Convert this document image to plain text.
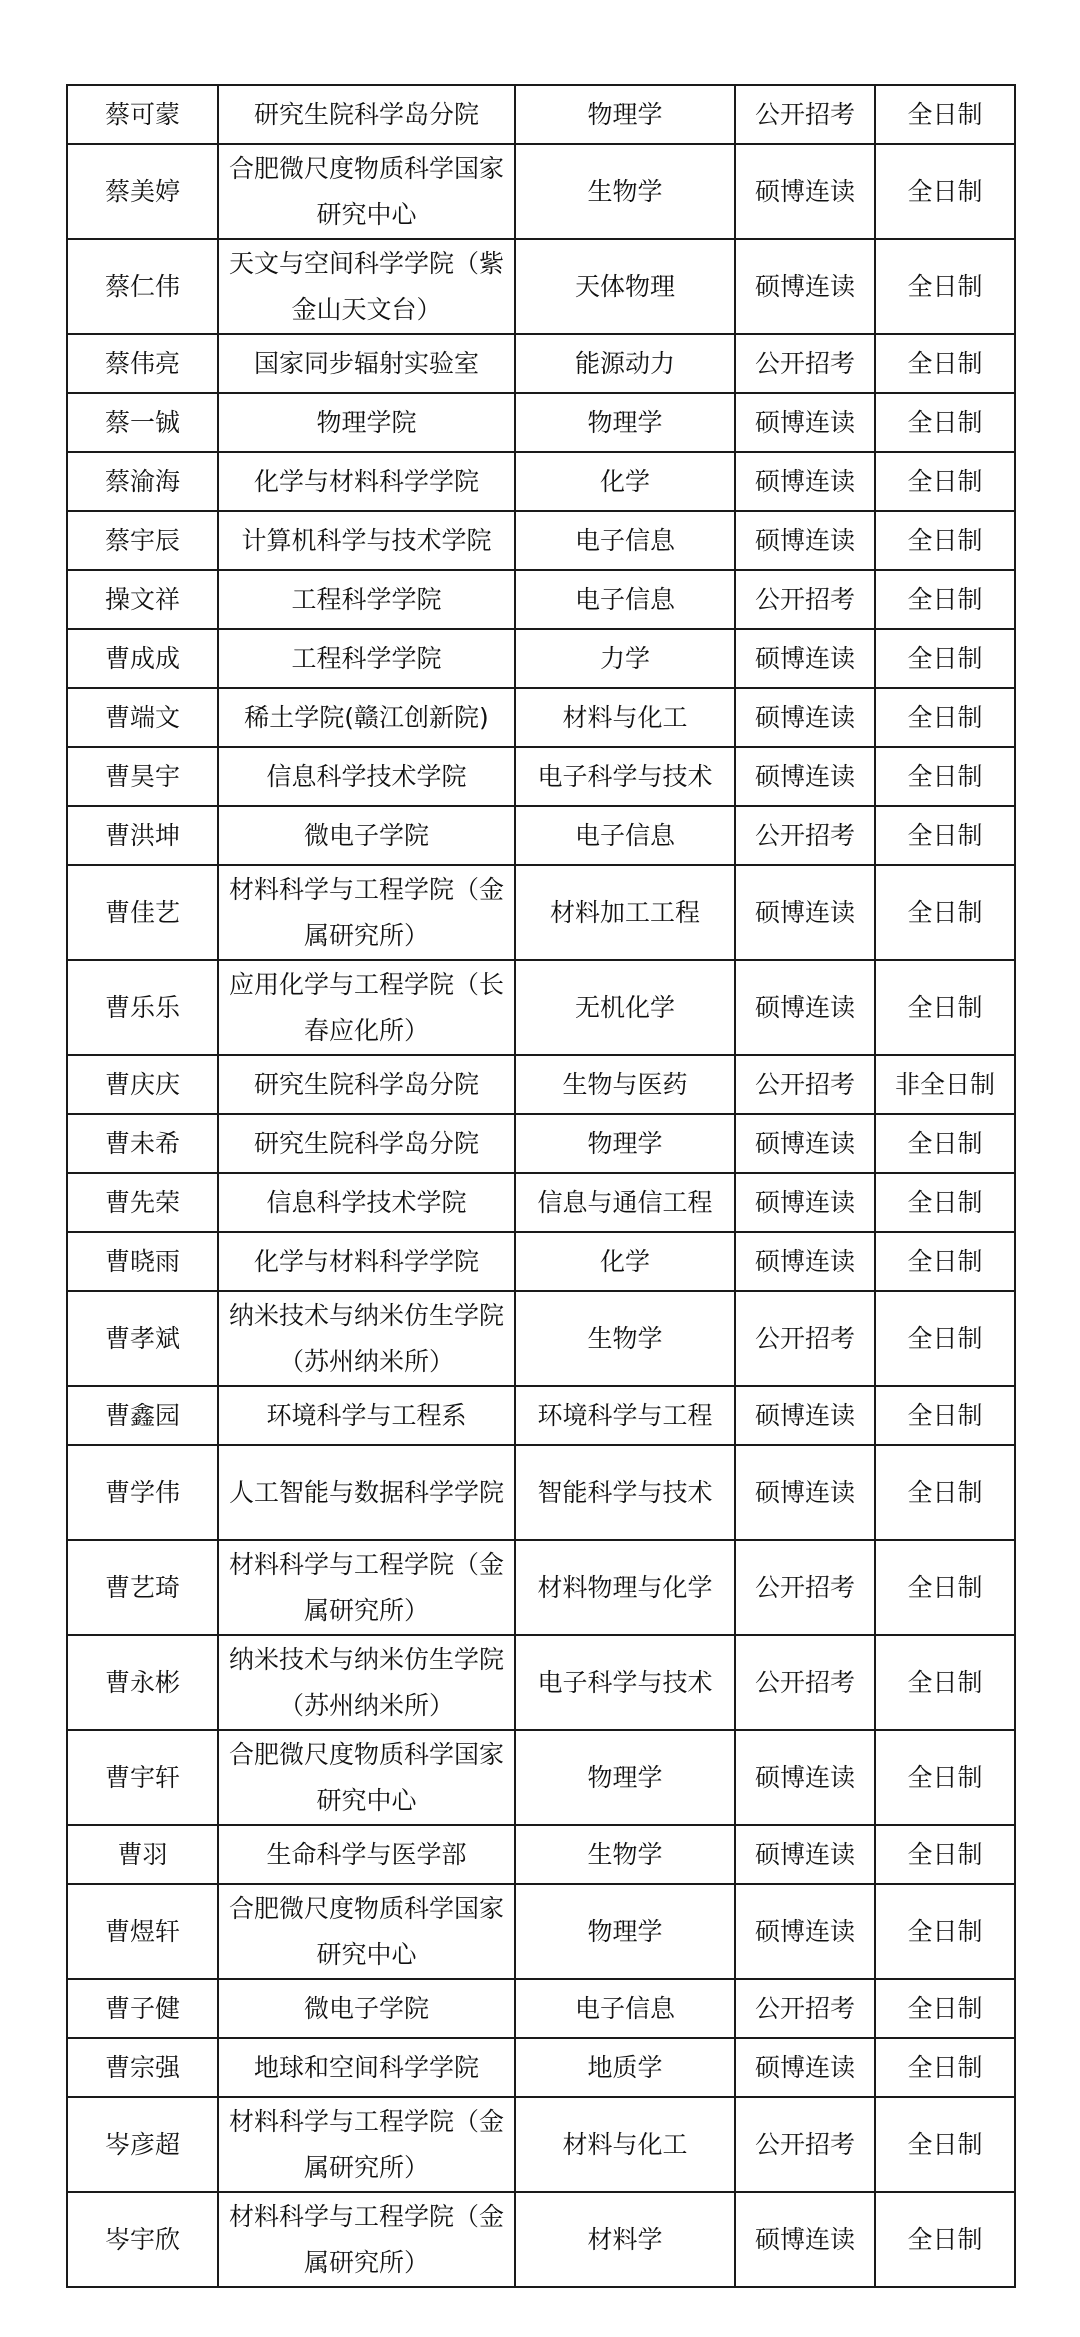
蔡可蒙	研究生院科学岛分院	物理学	公开招考	全日制
蔡美婷	合肥微尺度物质科学国家研究中心	生物学	硕博连读	全日制
蔡仁伟	天文与空间科学学院（紫金山天文台）	天体物理	硕博连读	全日制
蔡伟亮	国家同步辐射实验室	能源动力	公开招考	全日制
蔡一铖	物理学院	物理学	硕博连读	全日制
蔡渝海	化学与材料科学学院	化学	硕博连读	全日制
蔡宇辰	计算机科学与技术学院	电子信息	硕博连读	全日制
操文祥	工程科学学院	电子信息	公开招考	全日制
曹成成	工程科学学院	力学	硕博连读	全日制
曹端文	稀土学院(赣江创新院)	材料与化工	硕博连读	全日制
曹昊宇	信息科学技术学院	电子科学与技术	硕博连读	全日制
曹洪坤	微电子学院	电子信息	公开招考	全日制
曹佳艺	材料科学与工程学院（金属研究所）	材料加工工程	硕博连读	全日制
曹乐乐	应用化学与工程学院（长春应化所）	无机化学	硕博连读	全日制
曹庆庆	研究生院科学岛分院	生物与医药	公开招考	非全日制
曹未希	研究生院科学岛分院	物理学	硕博连读	全日制
曹先荣	信息科学技术学院	信息与通信工程	硕博连读	全日制
曹晓雨	化学与材料科学学院	化学	硕博连读	全日制
曹孝斌	纳米技术与纳米仿生学院（苏州纳米所）	生物学	公开招考	全日制
曹鑫园	环境科学与工程系	环境科学与工程	硕博连读	全日制
曹学伟	人工智能与数据科学学院	智能科学与技术	硕博连读	全日制
曹艺琦	材料科学与工程学院（金属研究所）	材料物理与化学	公开招考	全日制
曹永彬	纳米技术与纳米仿生学院（苏州纳米所）	电子科学与技术	公开招考	全日制
曹宇轩	合肥微尺度物质科学国家研究中心	物理学	硕博连读	全日制
曹羽	生命科学与医学部	生物学	硕博连读	全日制
曹煜轩	合肥微尺度物质科学国家研究中心	物理学	硕博连读	全日制
曹子健	微电子学院	电子信息	公开招考	全日制
曹宗强	地球和空间科学学院	地质学	硕博连读	全日制
岑彦超	材料科学与工程学院（金属研究所）	材料与化工	公开招考	全日制
岑宇欣	材料科学与工程学院（金属研究所）	材料学	硕博连读	全日制
